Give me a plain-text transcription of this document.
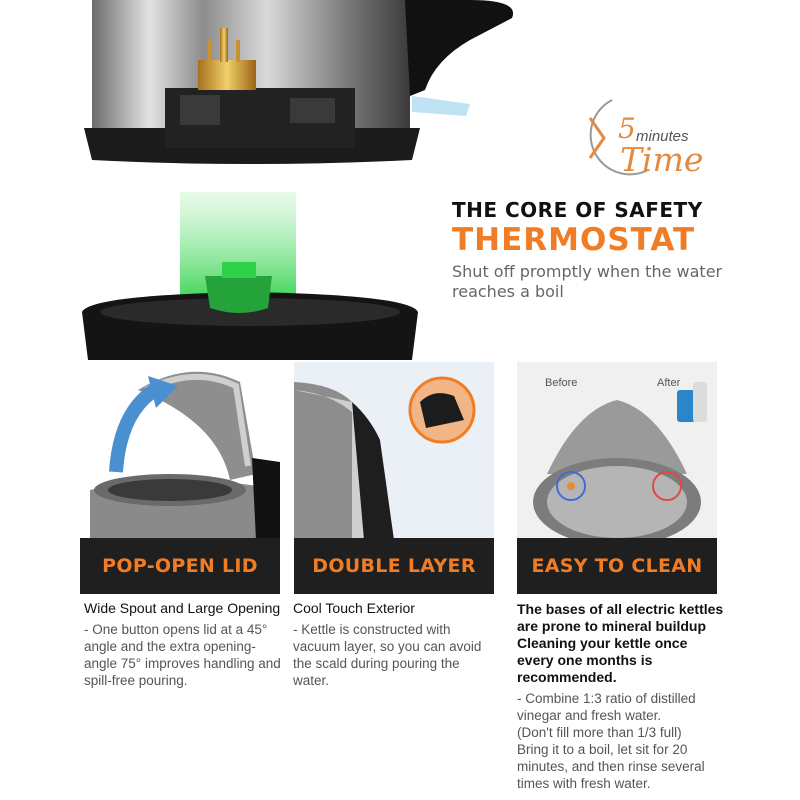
5 minutes
Time
THE CORE OF SAFETY
THERMOSTAT
Shut off promptly when the water reaches a boil
Before	After
POP-OPEN LID	DOUBLE LAYER	EASY TO CLEAN
Wide Spout and Large Opening
- One button opens lid at a 45° angle and the extra opening-angle 75° improves handling and spill-free pouring.
Cool Touch Exterior
- Kettle is constructed with vacuum layer, so you can avoid the scald during pouring the water.
The bases of all electric kettles
are prone to mineral buildup
Cleaning your kettle once
every one months is
recommended.
- Combine 1:3 ratio of distilled
vinegar and fresh water.
(Don't fill more than 1/3 full)
Bring it to a boil, let sit for 20
minutes, and then rinse several
times with fresh water.
